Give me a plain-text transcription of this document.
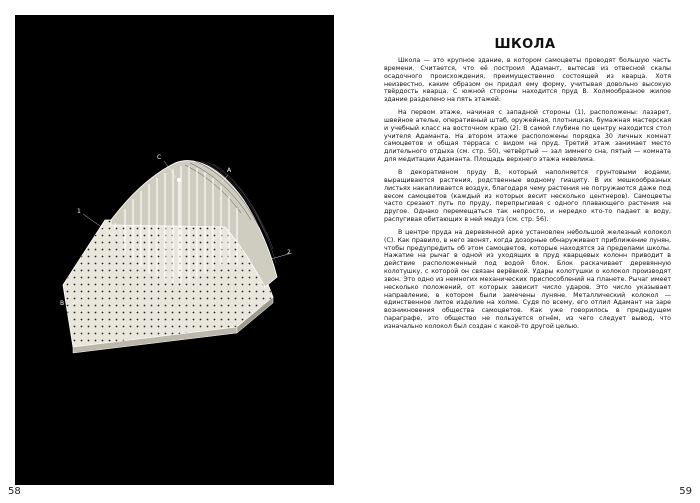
C
A
1
2
B
58
ШКОЛА

Школа — это крупное здание, в котором самоцветы проводят большую часть времени. Считается, что её построил Адамант, вытесав из отвесной скалы осадочного происхождения, преимущественно состоящей из кварца. Хотя неизвестно, каким образом он придал ему форму, учитывая довольно высокую твёрдость кварца. С южной стороны находится пруд В. Холмообразное жилое здание разделено на пять этажей.

На первом этаже, начиная с западной стороны (1), расположены: лазарет, швейное ателье, оперативный штаб, оружейная, плотницкая, бумажная мастерская и учебный класс на восточном краю (2). В самой глубине по центру находится стол учителя Адаманта. На втором этаже расположены порядка 30 личных комнат самоцветов и общая терраса с видом на пруд. Третий этаж занимает место длительного отдыха (см. стр. 50), четвёртый — зал зимнего сна, пятый — комната для медитации Адаманта. Площадь верхнего этажа невелика.

В декоративном пруду В, который наполняется грунтовыми водами, выращиваются растения, родственные водному гиациту. В их мешкообразных листьях накапливается воздух, благодаря чему растения не погружаются даже под весом самоцветов (каждый из которых весит несколько центнеров). Самоцветы часто срезают путь по пруду, перепрыгивая с одного плавающего растения на другое. Однако перемещаться так непросто, и нередко кто-то падает в воду, распугивая обитающих в ней медуз (см. стр. 56).

В центре пруда на деревянной арке установлен небольшой железный колокол (С). Как правило, в него звонят, когда дозорные обнаруживают приближение лунян, чтобы предупредить об этом самоцветов, которые находятся за пределами школы. Нажатие на рычаг в одной из уходящих в пруд кварцевых колонн приводит в действие расположенный под водой блок. Блок раскачивает деревянную колотушку, с которой он связан верёвкой. Удары колотушки о колокол производят звон. Это одно из немногих механических приспособлений на планете. Рычаг имеет несколько положений, от которых зависит число ударов. Это число указывает направление, в котором были замечены луняне. Металлический колокол — единственное литое изделие на холме. Судя по всему, его отлил Адамант на заре возникновения общества самоцветов. Как уже говорилось в предыдущем параграфе, это общество не пользуется огнём, из чего следует вывод, что изначально колокол был создан с какой-то другой целью.

59
